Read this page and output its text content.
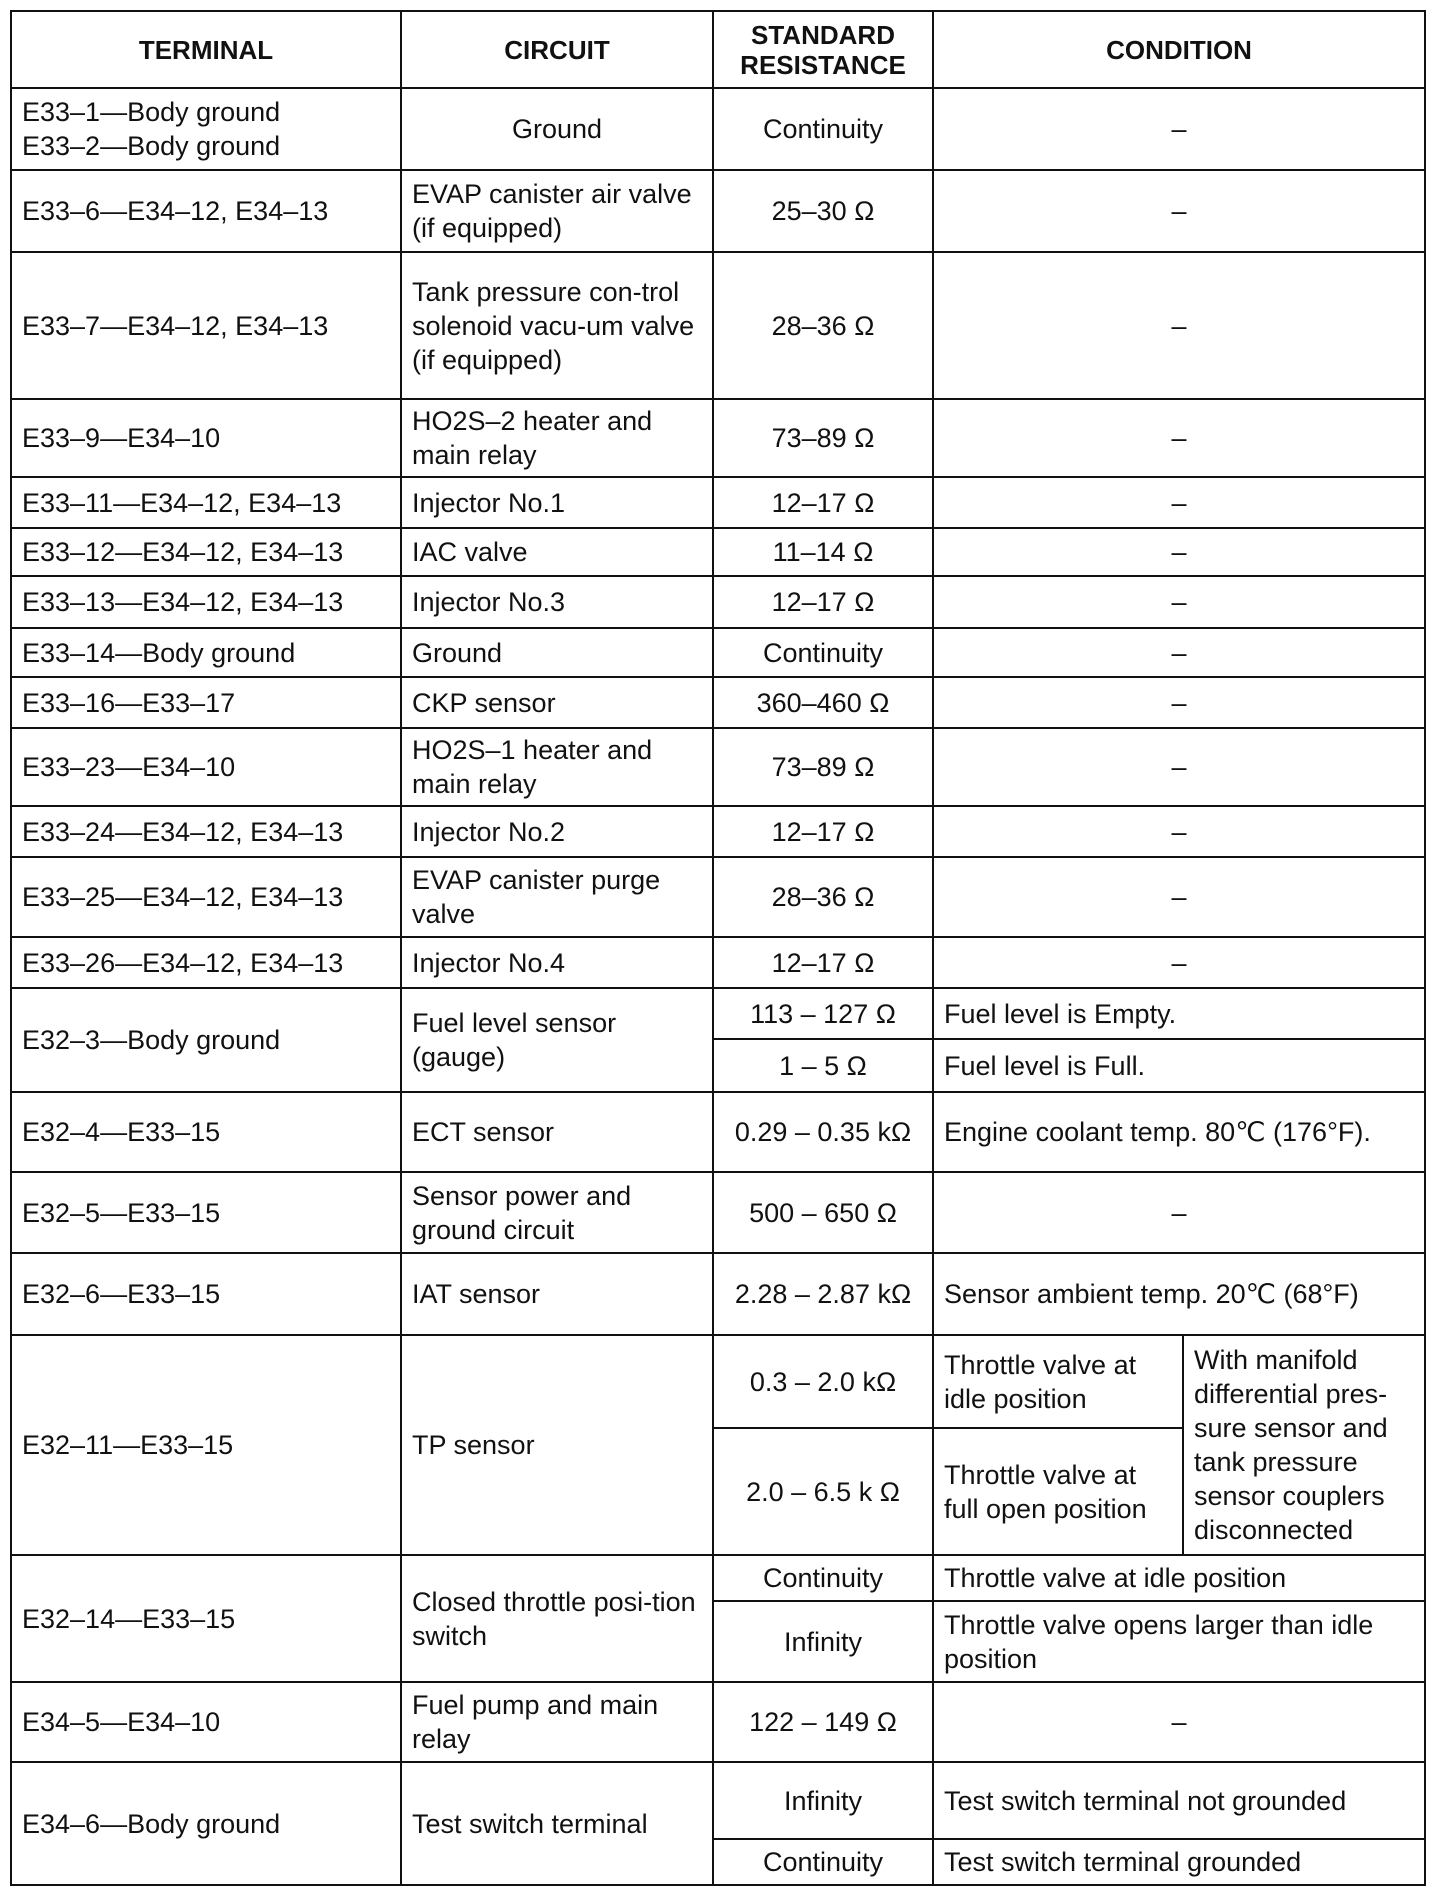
TERMINAL	CIRCUIT	STANDARD RESISTANCE	CONDITION	

E33–1—Body ground
E33–2—Body ground	Ground	Continuity	–	

E33–6—E34–12, E34–13	EVAP canister air valve (if equipped)	25–30 Ω	–	

E33–7—E34–12, E34–13	Tank pressure con-trol solenoid vacu-um valve (if equipped)	28–36 Ω	–	

E33–9—E34–10	HO2S–2 heater and main relay	73–89 Ω	–	

E33–11—E34–12, E34–13	Injector No.1	12–17 Ω	–	

E33–12—E34–12, E34–13	IAC valve	11–14 Ω	–	

E33–13—E34–12, E34–13	Injector No.3	12–17 Ω	–	

E33–14—Body ground	Ground	Continuity	–	

E33–16—E33–17	CKP sensor	360–460 Ω	–	

E33–23—E34–10	HO2S–1 heater and main relay	73–89 Ω	–	

E33–24—E34–12, E34–13	Injector No.2	12–17 Ω	–	

E33–25—E34–12, E34–13	EVAP canister purge valve	28–36 Ω	–	

E33–26—E34–12, E34–13	Injector No.4	12–17 Ω	–	

E32–3—Body ground	Fuel level sensor (gauge)	113 – 127 Ω	Fuel level is Empty.	
		1 – 5 Ω	Fuel level is Full.	

E32–4—E33–15	ECT sensor	0.29 – 0.35 kΩ	Engine coolant temp. 80℃ (176°F).	

E32–5—E33–15	Sensor power and ground circuit	500 – 650 Ω	–	

E32–6—E33–15	IAT sensor	2.28 – 2.87 kΩ	Sensor ambient temp. 20℃ (68°F)	

E32–11—E33–15	TP sensor	0.3 – 2.0 kΩ	Throttle valve at idle position	With manifold differential pres-sure sensor and tank pressure sensor couplers disconnected
		2.0 – 6.5 k Ω	Throttle valve at full open position	

E32–14—E33–15	Closed throttle posi-tion switch	Continuity	Throttle valve at idle position	
		Infinity	Throttle valve opens larger than idle position	

E34–5—E34–10	Fuel pump and main relay	122 – 149 Ω	–	

E34–6—Body ground	Test switch terminal	Infinity	Test switch terminal not grounded	
		Continuity	Test switch terminal grounded	
